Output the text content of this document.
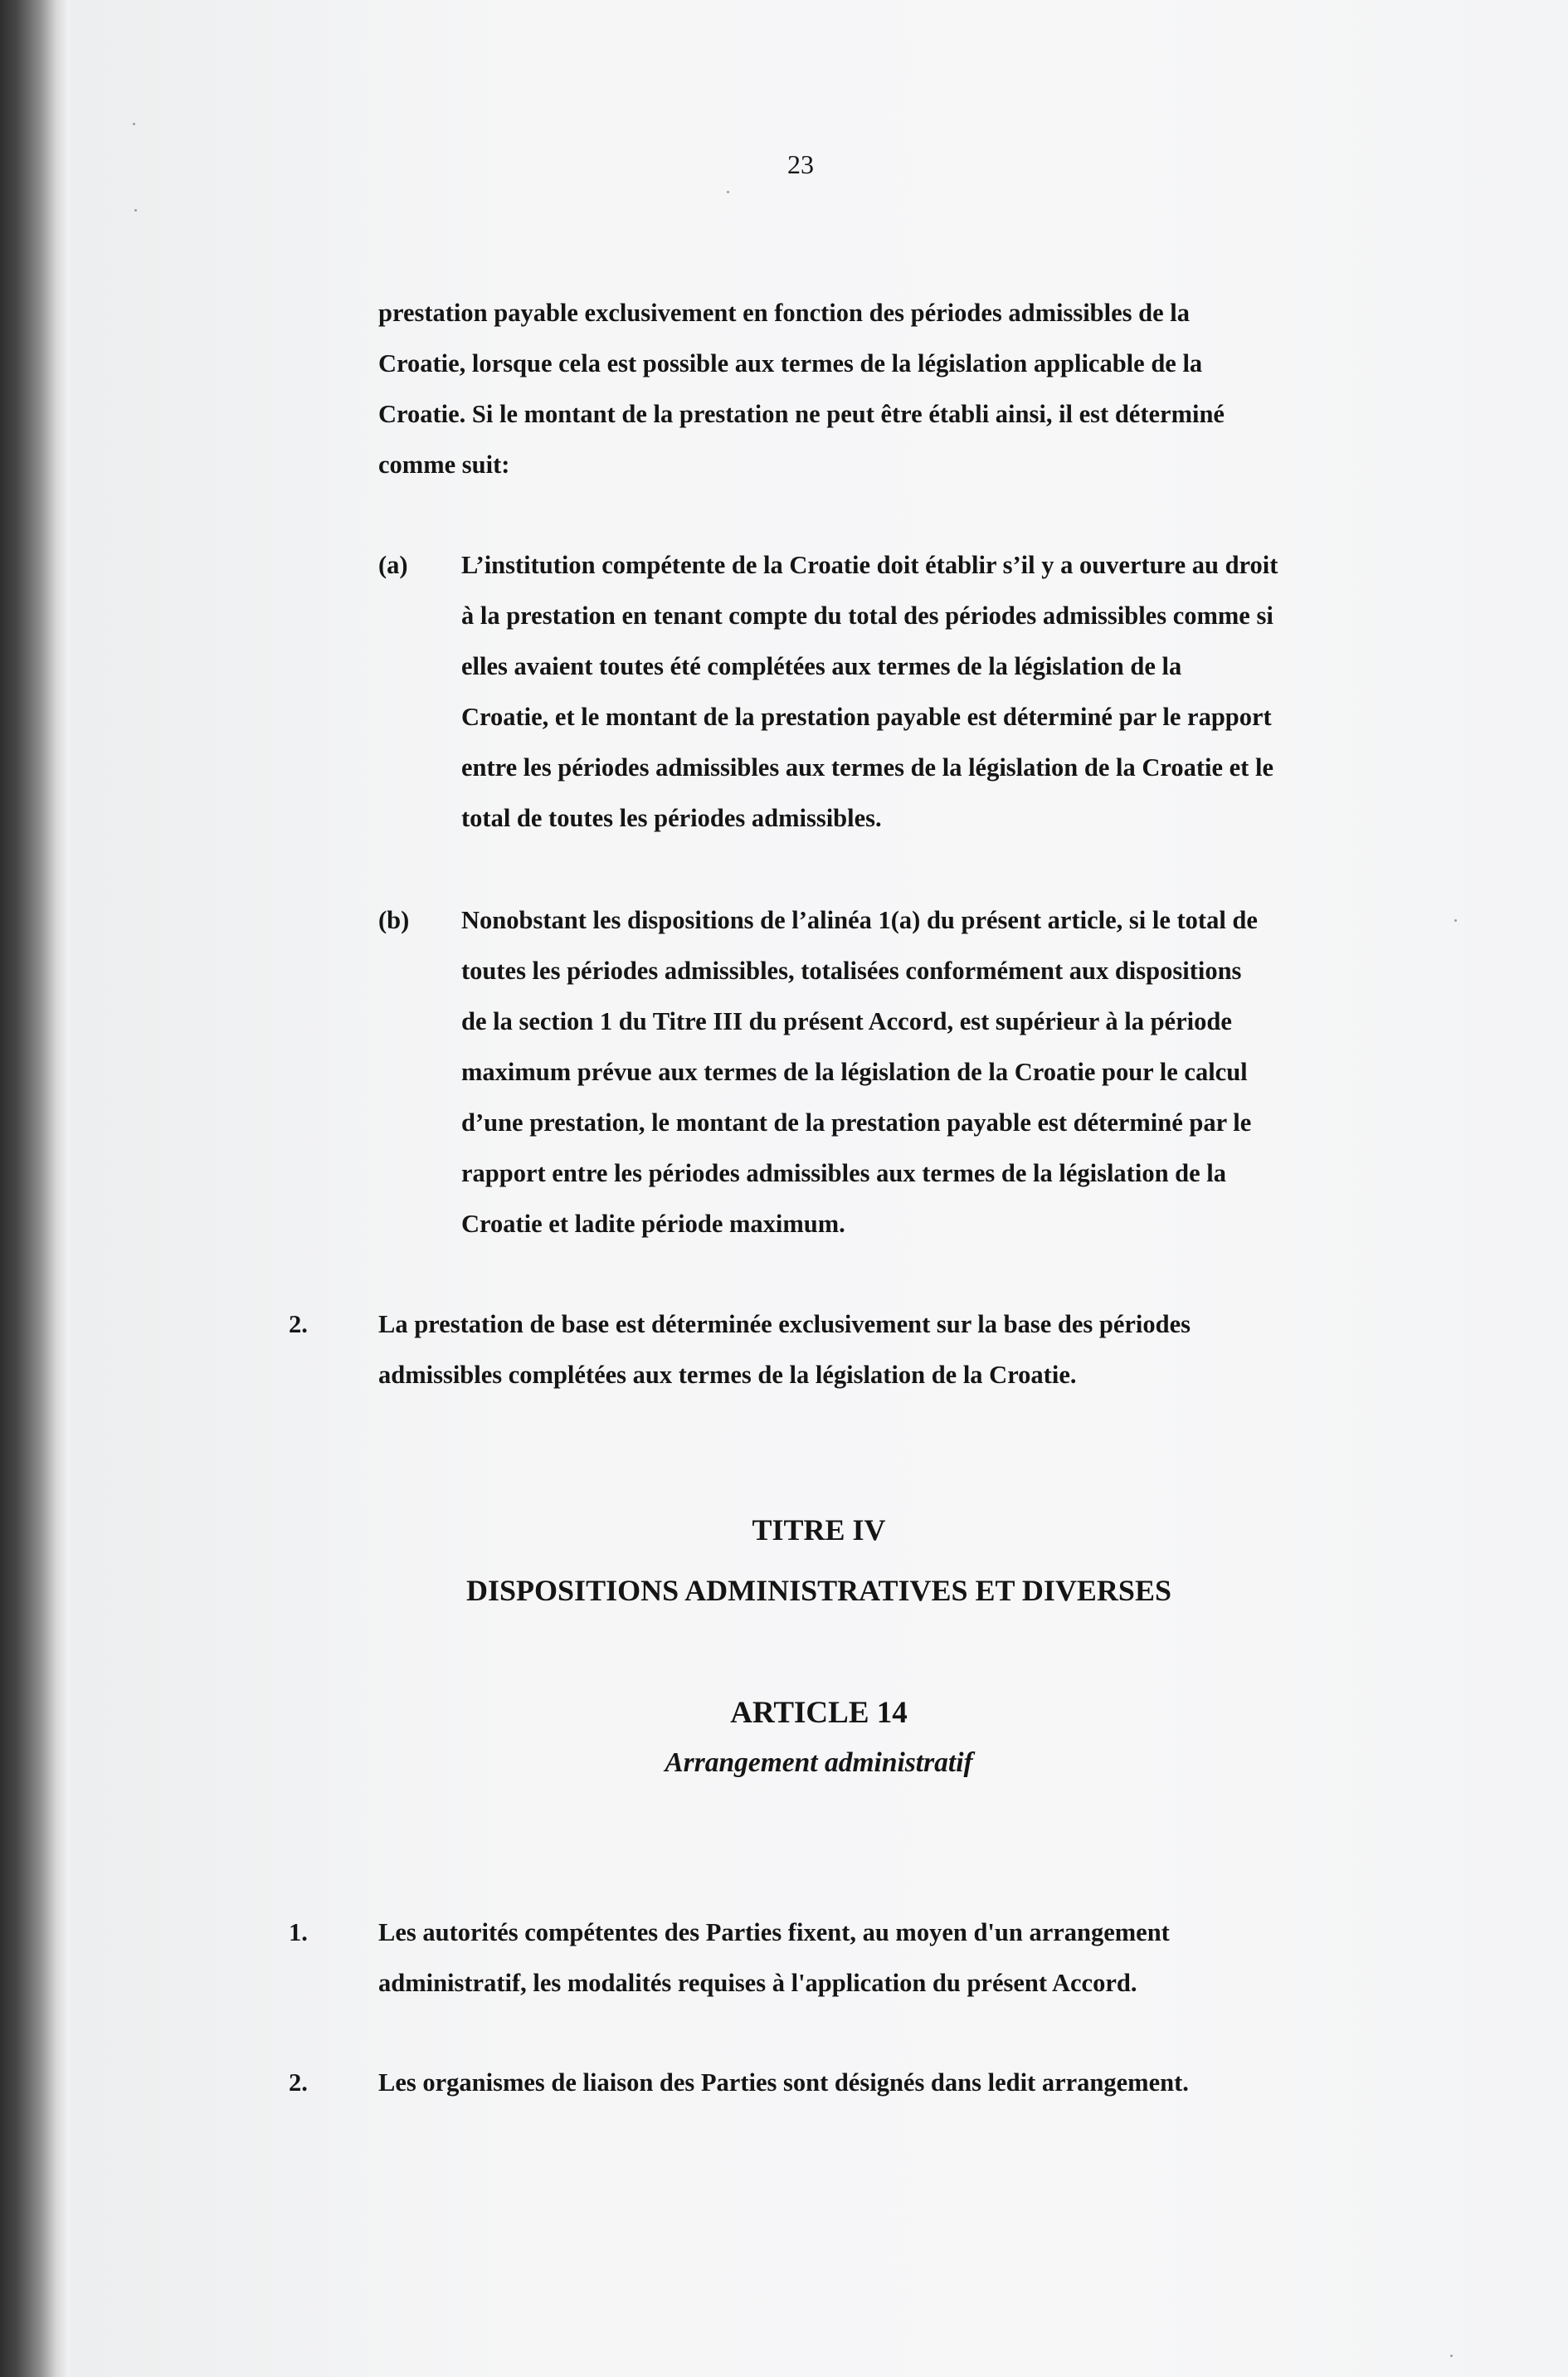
23
prestation payable exclusivement en fonction des périodes admissibles de la
Croatie, lorsque cela est possible aux termes de la législation applicable de la
Croatie. Si le montant de la prestation ne peut être établi ainsi, il est déterminé
comme suit:
(a) L’institution compétente de la Croatie doit établir s’il y a ouverture au droit
à la prestation en tenant compte du total des périodes admissibles comme si
elles avaient toutes été complétées aux termes de la législation de la
Croatie, et le montant de la prestation payable est déterminé par le rapport
entre les périodes admissibles aux termes de la législation de la Croatie et le
total de toutes les périodes admissibles.
(b) Nonobstant les dispositions de l’alinéa 1(a) du présent article, si le total de
toutes les périodes admissibles, totalisées conformément aux dispositions
de la section 1 du Titre III du présent Accord, est supérieur à la période
maximum prévue aux termes de la législation de la Croatie pour le calcul
d’une prestation, le montant de la prestation payable est déterminé par le
rapport entre les périodes admissibles aux termes de la législation de la
Croatie et ladite période maximum.
2.	La prestation de base est déterminée exclusivement sur la base des périodes
admissibles complétées aux termes de la législation de la Croatie.
TITRE IV
DISPOSITIONS ADMINISTRATIVES ET DIVERSES
ARTICLE 14
Arrangement administratif
1.	Les autorités compétentes des Parties fixent, au moyen d'un arrangement
administratif, les modalités requises à l'application du présent Accord.
2.	Les organismes de liaison des Parties sont désignés dans ledit arrangement.
